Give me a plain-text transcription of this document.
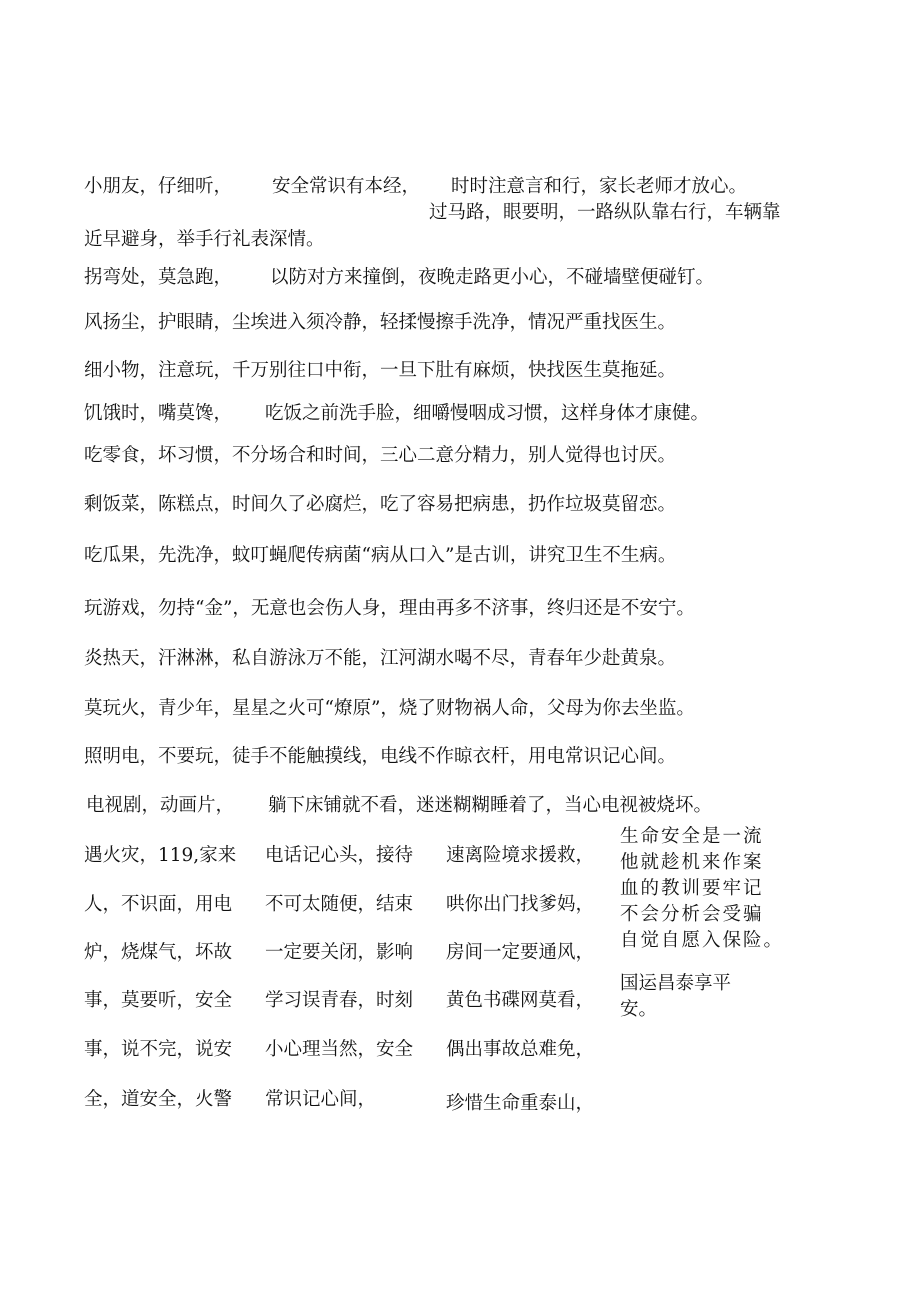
小朋友，仔细听， 安全常识有本经， 时时注意言和行，家长老师才放心。
过马路，眼要明，一路纵队靠右行，车辆靠
近早避身，举手行礼表深情。
拐弯处，莫急跑， 以防对方来撞倒，夜晚走路更小心，不碰墙壁便碰钉。
风扬尘，护眼睛，尘埃进入须冷静，轻揉慢擦手洗净，情况严重找医生。
细小物，注意玩，千万别往口中衔，一旦下肚有麻烦，快找医生莫拖延。
饥饿时，嘴莫馋， 吃饭之前洗手脸，细嚼慢咽成习惯，这样身体才康健。
吃零食，坏习惯，不分场合和时间，三心二意分精力，别人觉得也讨厌。
剩饭菜，陈糕点，时间久了必腐烂，吃了容易把病患，扔作垃圾莫留恋。
吃瓜果，先洗净，蚊叮蝇爬传病菌“病从口入”是古训，讲究卫生不生病。
玩游戏，勿持“金”，无意也会伤人身，理由再多不济事，终归还是不安宁。
炎热天，汗淋淋，私自游泳万不能，江河湖水喝不尽，青春年少赴黄泉。
莫玩火，青少年，星星之火可“燎原”，烧了财物祸人命，父母为你去坐监。
照明电，不要玩，徒手不能触摸线，电线不作晾衣杆，用电常识记心间。
电视剧，动画片， 躺下床铺就不看，迷迷糊糊睡着了，当心电视被烧坏。
遇火灾，119,家来
人，不识面，用电
炉，烧煤气，坏故
事，莫要听，安全
事，说不完，说安
全，道安全，火警
电话记心头，接待
不可太随便，结束
一定要关闭，影响
学习误青春，时刻
小心理当然，安全
常识记心间，
速离险境求援救，
哄你出门找爹妈，
房间一定要通风，
黄色书碟网莫看，
偶出事故总难免，
珍惜生命重泰山，
生命安全是一流
他就趁机来作案
血的教训要牢记
不会分析会受骗
自觉自愿入保险。
国运昌泰享平
安。
